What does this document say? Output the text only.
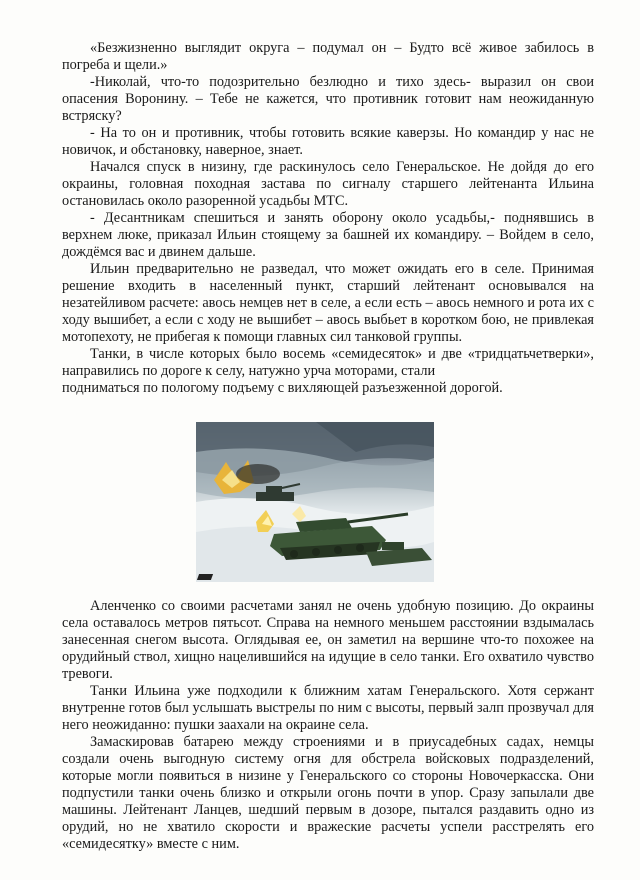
«Безжизненно выглядит округа – подумал он – Будто всё живое забилось в погреба и щели.»

-Николай, что-то подозрительно безлюдно и тихо здесь- выразил он свои опасения Воронину. – Тебе не кажется, что противник готовит нам неожиданную встряску?

- На то он и противник, чтобы готовить всякие каверзы. Но командир у нас не новичок, и обстановку, наверное, знает.

Начался спуск в низину, где раскинулось село Генеральское. Не дойдя до его окраины, головная походная застава по сигналу старшего лейтенанта Ильина остановилась около разоренной усадьбы МТС.

- Десантникам спешиться и занять оборону около усадьбы,- поднявшись в верхнем люке, приказал Ильин стоящему за башней их командиру. – Войдем в село, дождёмся вас и двинем дальше.

Ильин предварительно не разведал, что может ожидать его в селе. Принимая решение входить в населенный пункт, старший лейтенант основывался на незатейливом расчете: авось немцев нет в селе, а если есть – авось немного и рота их с ходу вышибет, а если с ходу не вышибет – авось выбьет в коротком бою, не привлекая мотопехоту, не прибегая к помощи главных сил танковой группы.

Танки, в числе которых было восемь «семидесяток» и две «тридцатьчетверки», направились по дороге к селу, натужно урча моторами, стали

подниматься по пологому подъему с вихляющей разъезженной дорогой.

Аленченко со своими расчетами занял не очень удобную позицию. До окраины села оставалось метров пятьсот. Справа на немного меньшем расстоянии вздымалась занесенная снегом высота. Оглядывая ее, он заметил на вершине что-то похожее на орудийный ствол, хищно нацелившийся на идущие в село танки. Его охватило чувство тревоги.

Танки Ильина уже подходили к ближним хатам Генеральского. Хотя сержант внутренне готов был услышать выстрелы по ним с высоты, первый залп прозвучал для него неожиданно: пушки заахали на окраине села.

Замаскировав батарею между строениями и в приусадебных садах, немцы создали очень выгодную систему огня для обстрела войсковых подразделений, которые могли появиться в низине у Генеральского со стороны Новочеркасска. Они подпустили танки очень близко и открыли огонь почти в упор. Сразу запылали две машины. Лейтенант Ланцев, шедший первым в дозоре, пытался раздавить одно из орудий, но не хватило скорости и вражеские расчеты успели расстрелять его «семидесятку» вместе с ним.
